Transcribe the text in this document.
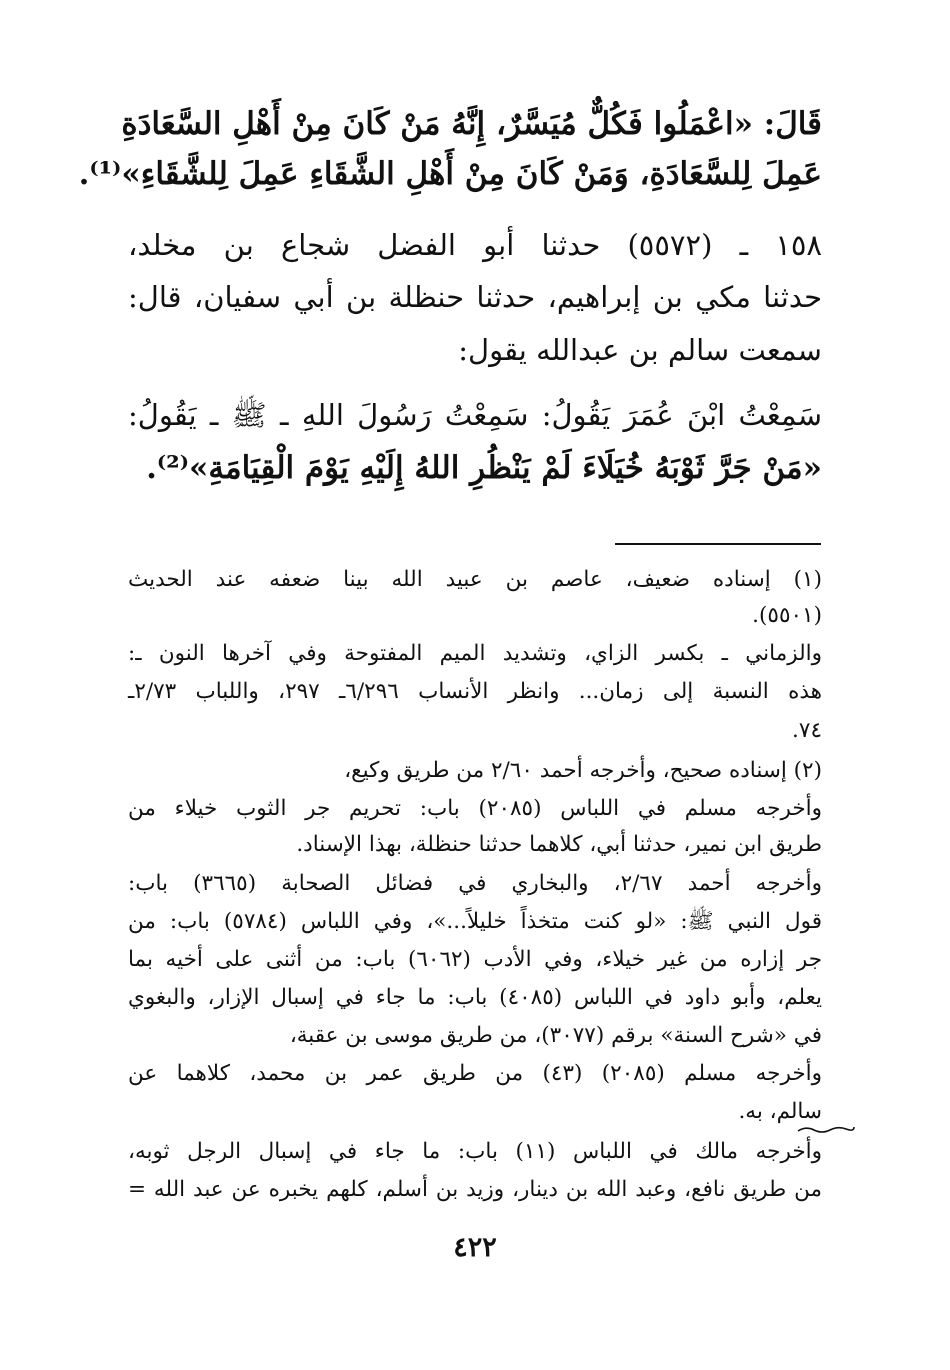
قَالَ: «اعْمَلُوا فَكُلٌّ مُيَسَّرٌ، إِنَّهُ مَنْ كَانَ مِنْ أَهْلِ السَّعَادَةِ
عَمِلَ لِلسَّعَادَةِ، وَمَنْ كَانَ مِنْ أَهْلِ الشَّقَاءِ عَمِلَ لِلشَّقَاءِ»⁽¹⁾.
١٥٨ ـ (٥٥٧٢) حدثنا أبو الفضل شجاع بن مخلد،
حدثنا مكي بن إبراهيم، حدثنا حنظلة بن أبي سفيان، قال:
سمعت سالم بن عبدالله يقول:
سَمِعْتُ ابْنَ عُمَرَ يَقُولُ: سَمِعْتُ رَسُولَ اللهِ ـ ﷺ ـ يَقُولُ:
«مَنْ جَرَّ ثَوْبَهُ خُيَلَاءَ لَمْ يَنْظُرِ اللهُ إِلَيْهِ يَوْمَ الْقِيَامَةِ»⁽²⁾.
(١) إسناده ضعيف، عاصم بن عبيد الله بينا ضعفه عند الحديث
(٥٥٠١).
والزماني ـ بكسر الزاي، وتشديد الميم المفتوحة وفي آخرها النون ـ:
هذه النسبة إلى زمان... وانظر الأنساب ٦/٢٩٦ـ ٢٩٧، واللباب ٢/٧٣ـ
٧٤.
(٢) إسناده صحيح، وأخرجه أحمد ٢/٦٠ من طريق وكيع،
وأخرجه مسلم في اللباس (٢٠٨٥) باب: تحريم جر الثوب خيلاء من
طريق ابن نمير، حدثنا أبي، كلاهما حدثنا حنظلة، بهذا الإسناد.
وأخرجه أحمد ٢/٦٧، والبخاري في فضائل الصحابة (٣٦٦٥) باب:
قول النبي ﷺ: «لو كنت متخذاً خليلاً...»، وفي اللباس (٥٧٨٤) باب: من
جر إزاره من غير خيلاء، وفي الأدب (٦٠٦٢) باب: من أثنى على أخيه بما
يعلم، وأبو داود في اللباس (٤٠٨٥) باب: ما جاء في إسبال الإزار، والبغوي
في «شرح السنة» برقم (٣٠٧٧)، من طريق موسى بن عقبة،
وأخرجه مسلم (٢٠٨٥) (٤٣) من طريق عمر بن محمد، كلاهما عن
سالم، به.
وأخرجه مالك في اللباس (١١) باب: ما جاء في إسبال الرجل ثوبه،
من طريق نافع، وعبد الله بن دينار، وزيد بن أسلم، كلهم يخبره عن عبد الله =
٤٢٢
